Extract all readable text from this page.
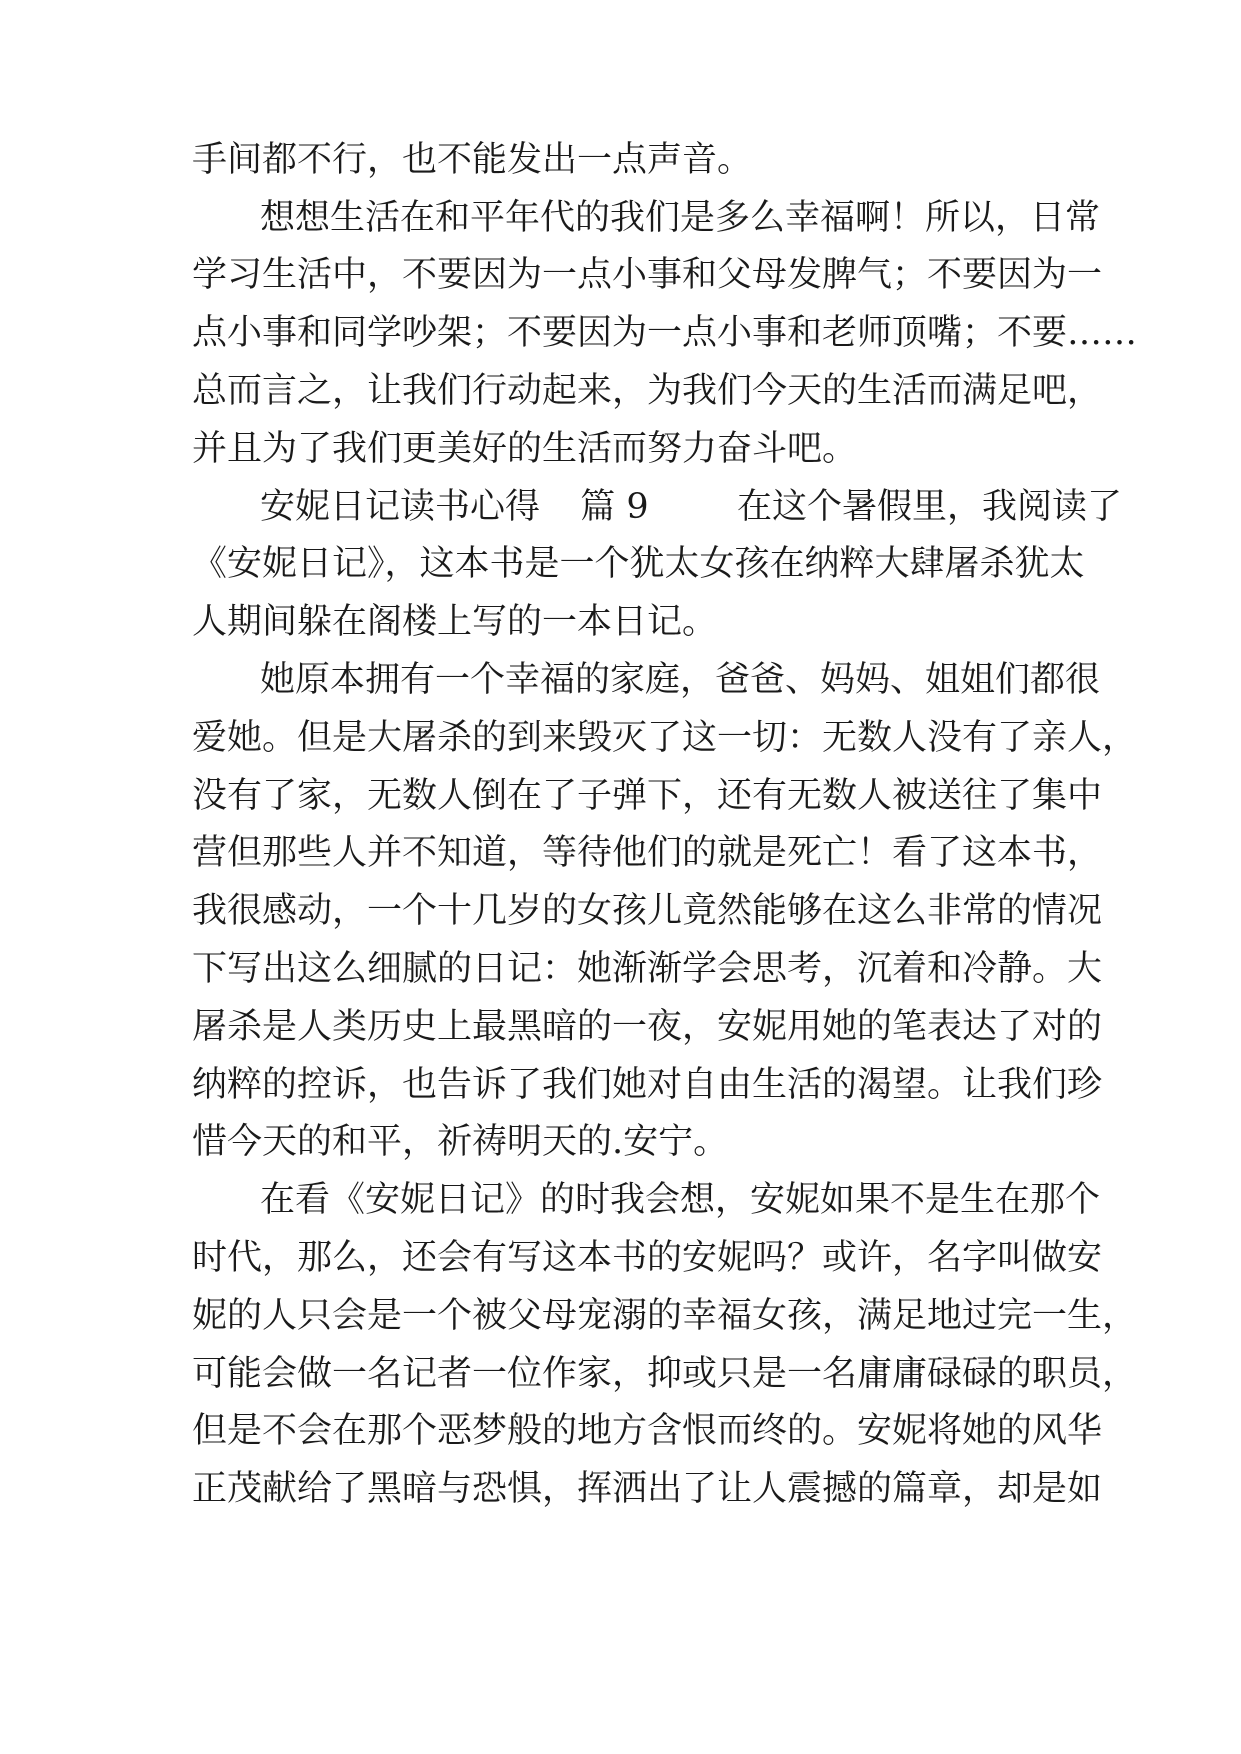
手间都不行，也不能发出一点声音。
想想生活在和平年代的我们是多么幸福啊！所以，日常
学习生活中，不要因为一点小事和父母发脾气；不要因为一
点小事和同学吵架；不要因为一点小事和老师顶嘴；不要……
总而言之，让我们行动起来，为我们今天的生活而满足吧，
并且为了我们更美好的生活而努力奋斗吧。
安妮日记读书心得 篇 9	在这个暑假里，我阅读了
《安妮日记》，这本书是一个犹太女孩在纳粹大肆屠杀犹太
人期间躲在阁楼上写的一本日记。
她原本拥有一个幸福的家庭，爸爸、妈妈、姐姐们都很
爱她。但是大屠杀的到来毁灭了这一切：无数人没有了亲人，
没有了家，无数人倒在了子弹下，还有无数人被送往了集中
营但那些人并不知道，等待他们的就是死亡！看了这本书，
我很感动，一个十几岁的女孩儿竟然能够在这么非常的情况
下写出这么细腻的日记：她渐渐学会思考，沉着和冷静。大
屠杀是人类历史上最黑暗的一夜，安妮用她的笔表达了对的
纳粹的控诉，也告诉了我们她对自由生活的渴望。让我们珍
惜今天的和平，祈祷明天的.安宁。
在看《安妮日记》的时我会想，安妮如果不是生在那个
时代，那么，还会有写这本书的安妮吗？或许，名字叫做安
妮的人只会是一个被父母宠溺的幸福女孩，满足地过完一生，
可能会做一名记者一位作家，抑或只是一名庸庸碌碌的职员，
但是不会在那个恶梦般的地方含恨而终的。安妮将她的风华
正茂献给了黑暗与恐惧，挥洒出了让人震撼的篇章，却是如
